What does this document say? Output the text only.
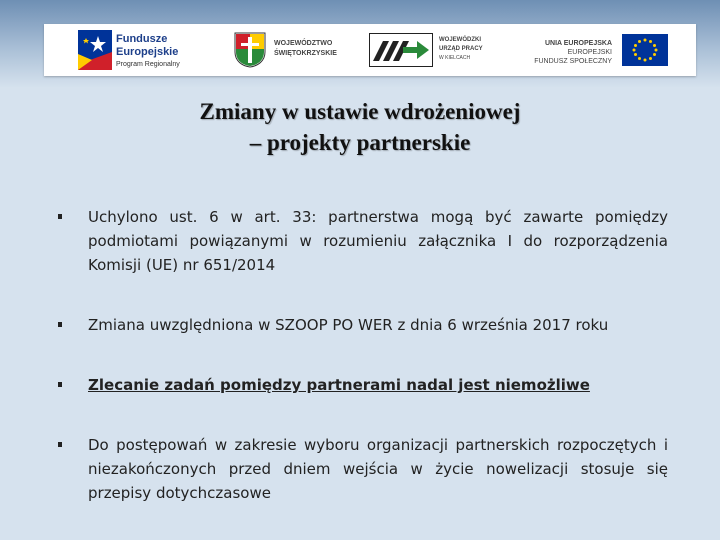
Fundusze
Europejskie
Program Regionalny
WOJEWÓDZTWO
ŚWIĘTOKRZYSKIE
WOJEWÓDZKI
URZĄD PRACY
W KIELCACH
UNIA EUROPEJSKA
EUROPEJSKI
FUNDUSZ SPOŁECZNY
Zmiany w ustawie wdrożeniowej
– projekty partnerskie
Uchylono ust. 6 w art. 33: partnerstwa mogą być zawarte pomiędzy podmiotami powiązanymi w rozumieniu załącznika I do rozporządzenia Komisji (UE) nr 651/2014
Zmiana uwzględniona w SZOOP PO WER z dnia 6 września 2017 roku
Zlecanie zadań pomiędzy partnerami nadal jest niemożliwe
Do postępowań w zakresie wyboru organizacji partnerskich rozpoczętych i niezakończonych przed dniem wejścia w życie nowelizacji stosuje się przepisy dotychczasowe
